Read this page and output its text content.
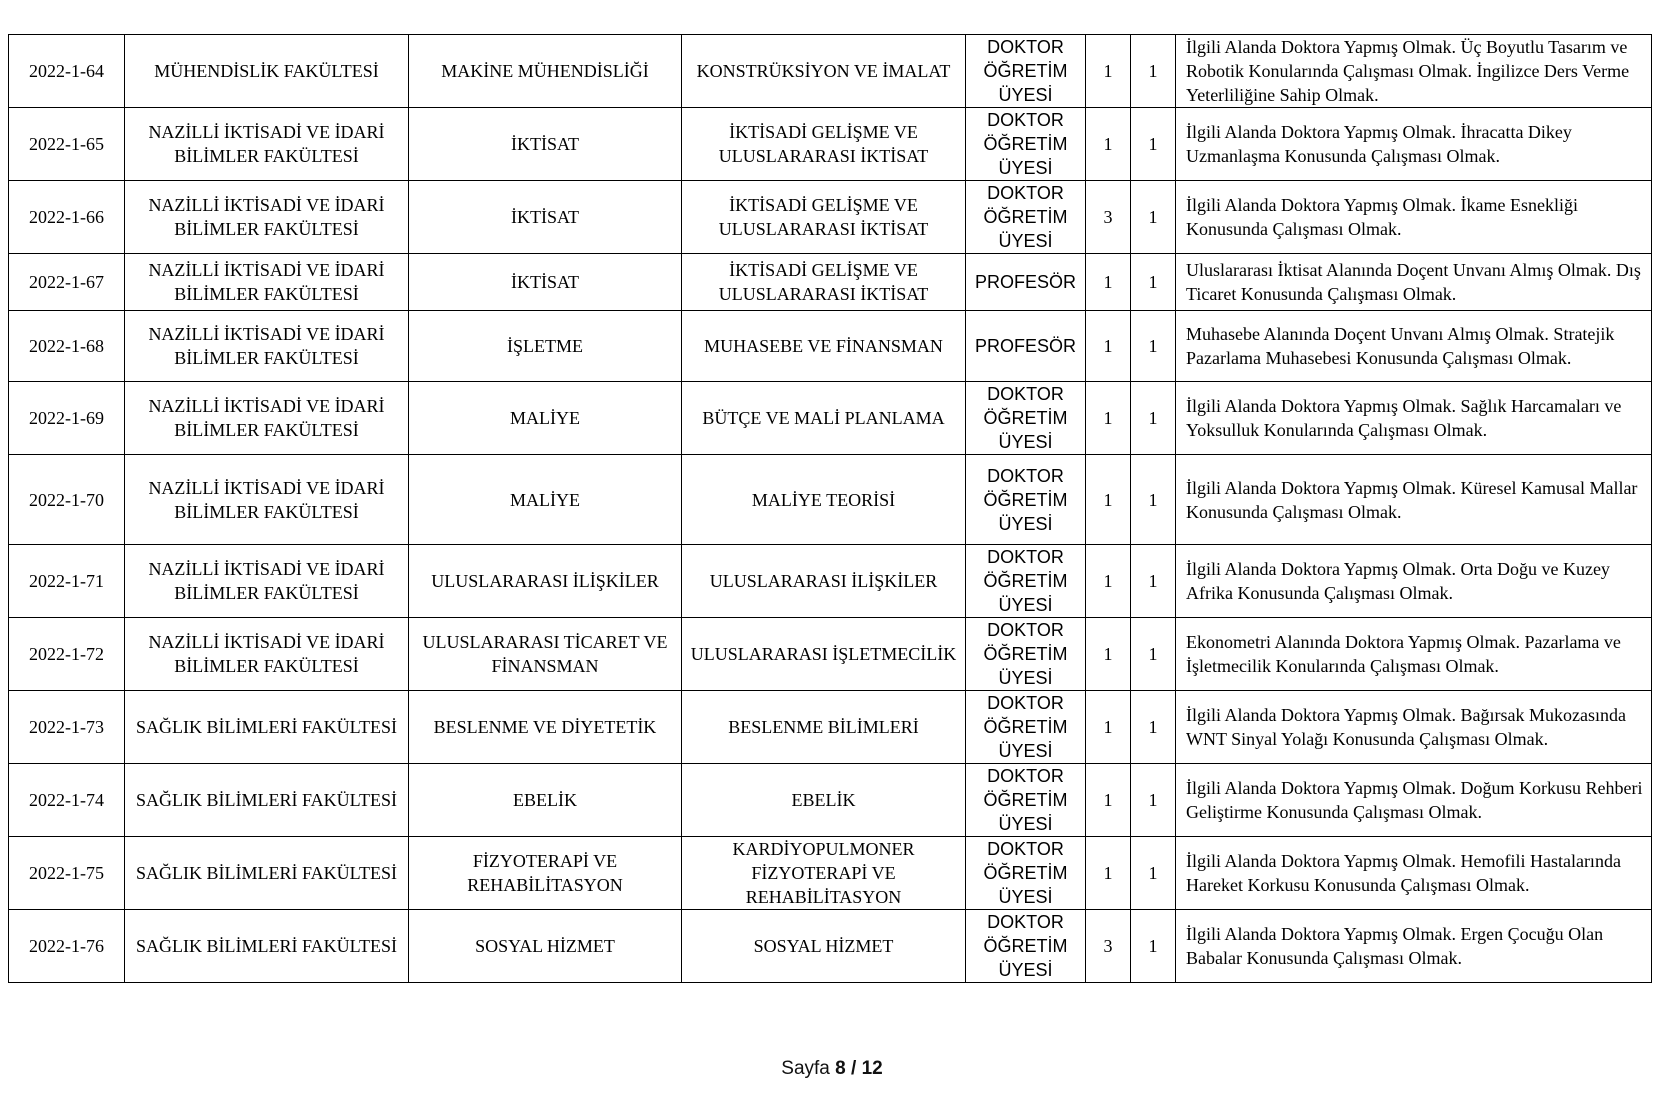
2022-1-64	MÜHENDİSLİK FAKÜLTESİ	MAKİNE MÜHENDİSLİĞİ	KONSTRÜKSİYON VE İMALAT	DOKTOR ÖĞRETİM ÜYESİ	1	1	İlgili Alanda Doktora Yapmış Olmak. Üç Boyutlu Tasarım ve Robotik Konularında Çalışması Olmak. İngilizce Ders Verme Yeterliliğine Sahip Olmak.
2022-1-65	NAZİLLİ İKTİSADİ VE İDARİ BİLİMLER FAKÜLTESİ	İKTİSAT	İKTİSADİ GELİŞME VE ULUSLARARASI İKTİSAT	DOKTOR ÖĞRETİM ÜYESİ	1	1	İlgili Alanda Doktora Yapmış Olmak. İhracatta Dikey Uzmanlaşma Konusunda Çalışması Olmak.
2022-1-66	NAZİLLİ İKTİSADİ VE İDARİ BİLİMLER FAKÜLTESİ	İKTİSAT	İKTİSADİ GELİŞME VE ULUSLARARASI İKTİSAT	DOKTOR ÖĞRETİM ÜYESİ	3	1	İlgili Alanda Doktora Yapmış Olmak. İkame Esnekliği Konusunda Çalışması Olmak.
2022-1-67	NAZİLLİ İKTİSADİ VE İDARİ BİLİMLER FAKÜLTESİ	İKTİSAT	İKTİSADİ GELİŞME VE ULUSLARARASI İKTİSAT	PROFESÖR	1	1	Uluslararası İktisat Alanında Doçent Unvanı Almış Olmak. Dış Ticaret Konusunda Çalışması Olmak.
2022-1-68	NAZİLLİ İKTİSADİ VE İDARİ BİLİMLER FAKÜLTESİ	İŞLETME	MUHASEBE VE FİNANSMAN	PROFESÖR	1	1	Muhasebe Alanında Doçent Unvanı Almış Olmak. Stratejik Pazarlama Muhasebesi Konusunda Çalışması Olmak.
2022-1-69	NAZİLLİ İKTİSADİ VE İDARİ BİLİMLER FAKÜLTESİ	MALİYE	BÜTÇE VE MALİ PLANLAMA	DOKTOR ÖĞRETİM ÜYESİ	1	1	İlgili Alanda Doktora Yapmış Olmak. Sağlık Harcamaları ve Yoksulluk Konularında Çalışması Olmak.
2022-1-70	NAZİLLİ İKTİSADİ VE İDARİ BİLİMLER FAKÜLTESİ	MALİYE	MALİYE TEORİSİ	DOKTOR ÖĞRETİM ÜYESİ	1	1	İlgili Alanda Doktora Yapmış Olmak. Küresel Kamusal Mallar Konusunda Çalışması Olmak.
2022-1-71	NAZİLLİ İKTİSADİ VE İDARİ BİLİMLER FAKÜLTESİ	ULUSLARARASI İLİŞKİLER	ULUSLARARASI İLİŞKİLER	DOKTOR ÖĞRETİM ÜYESİ	1	1	İlgili Alanda Doktora Yapmış Olmak. Orta Doğu ve Kuzey Afrika Konusunda Çalışması Olmak.
2022-1-72	NAZİLLİ İKTİSADİ VE İDARİ BİLİMLER FAKÜLTESİ	ULUSLARARASI TİCARET VE FİNANSMAN	ULUSLARARASI İŞLETMECİLİK	DOKTOR ÖĞRETİM ÜYESİ	1	1	Ekonometri Alanında Doktora Yapmış Olmak. Pazarlama ve İşletmecilik Konularında Çalışması Olmak.
2022-1-73	SAĞLIK BİLİMLERİ FAKÜLTESİ	BESLENME VE DİYETETİK	BESLENME BİLİMLERİ	DOKTOR ÖĞRETİM ÜYESİ	1	1	İlgili Alanda Doktora Yapmış Olmak. Bağırsak Mukozasında WNT Sinyal Yolağı Konusunda Çalışması Olmak.
2022-1-74	SAĞLIK BİLİMLERİ FAKÜLTESİ	EBELİK	EBELİK	DOKTOR ÖĞRETİM ÜYESİ	1	1	İlgili Alanda Doktora Yapmış Olmak. Doğum Korkusu Rehberi Geliştirme Konusunda Çalışması Olmak.
2022-1-75	SAĞLIK BİLİMLERİ FAKÜLTESİ	FİZYOTERAPİ VE REHABİLİTASYON	KARDİYOPULMONER FİZYOTERAPİ VE REHABİLİTASYON	DOKTOR ÖĞRETİM ÜYESİ	1	1	İlgili Alanda Doktora Yapmış Olmak. Hemofili Hastalarında Hareket Korkusu Konusunda Çalışması Olmak.
2022-1-76	SAĞLIK BİLİMLERİ FAKÜLTESİ	SOSYAL HİZMET	SOSYAL HİZMET	DOKTOR ÖĞRETİM ÜYESİ	3	1	İlgili Alanda Doktora Yapmış Olmak. Ergen Çocuğu Olan Babalar Konusunda Çalışması Olmak.
Sayfa 8 / 12
